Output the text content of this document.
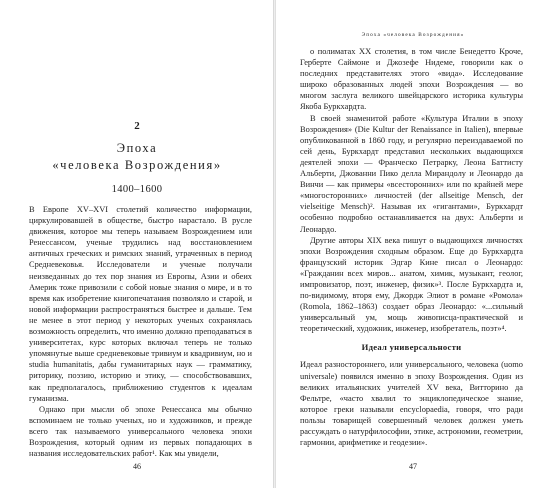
2
Эпоха
«человека Возрождения»
1400–1600

В Европе XV–XVI столетий количество информации, циркулировавшей в обществе, быстро нарастало. В русле движения, которое мы теперь называем Возрождением или Ренессансом, ученые трудились над восстановлением античных греческих и римских знаний, утраченных в период Средневековья. Исследователи и ученые получали неизведанных до тех пор знания из Европы, Азии и обеих Америк тоже привозили с собой новые знания о мире, и в то время как изобретение книгопечатания позволяло и старой, и новой информации распространяться быстрее и дальше. Тем не менее в этот период у некоторых ученых сохранялась возможность определить, что именно должно преподаваться в университетах, курс которых включал теперь не только упомянутые выше средневековые тривиум и квадривиум, но и studia humanitatis, дабы гуманитарных наук — грамматику, риторику, поэзию, историю и этику, — способствовавших, как предполагалось, приближению студентов к идеалам гуманизма.

Однако при мысли об эпохе Ренессанса мы обычно вспоминаем не только ученых, но и художников, и прежде всего так называемого универсального человека эпохи Возрождения, который одним из первых попадающих в названия исследовательских работ¹. Как мы увидели,

46
Эпоха «человека Возрождения»

о полиматах XX столетия, в том числе Бенедетто Кроче, Герберте Саймоне и Джозефе Нидеме, говорили как о последних представителях этого «вида». Исследование широко образованных людей эпохи Возрождения — во многом заслуга великого швейцарского историка культуры Якоба Буркхардта.

В своей знаменитой работе «Культура Италии в эпоху Возрождения» (Die Kultur der Renaissance in Italien), впервые опубликованной в 1860 году, и регулярно переиздаваемой по сей день, Буркхардт представил нескольких выдающихся деятелей эпохи — Франческо Петрарку, Леона Баттисту Альберти, Джованни Пико делла Мирандолу и Леонардо да Винчи — как примеры «всесторонних» или по крайней мере «многосторонних» личностей (der allseitige Mensch, der vielseitige Mensch)². Называя их «гигантами», Буркхардт особенно подробно останавливается на двух: Альберти и Леонардо.

Другие авторы XIX века пишут о выдающихся личностях эпохи Возрождения сходным образом. Еще до Буркхардта французский историк Эдгар Кине писал о Леонардо: «Гражданин всех миров... анатом, химик, музыкант, геолог, импровизатор, поэт, инженер, физик»³. После Буркхардта и, по-видимому, вторя ему, Джордж Элиот в романе «Ромола» (Romola, 1862–1863) создает образ Леонардо: «...сильный универсальный ум, мощь живописца-практической и теоретический, художник, инженер, изобретатель, поэт»⁴.

Идеал универсальности

Идеал разностороннего, или универсального, человека (uomo universale) появился именно в эпоху Возрождения. Один из великих итальянских учителей XV века, Витторино да Фельтре, «часто хвалил то энциклопедическое знание, которое греки называли encyclopaedia, говоря, что ради пользы товарищей совершенный человек должен уметь рассуждать о натурфилософии, этике, астрономии, геометрии, гармонии, арифметике и геодезии».

47
